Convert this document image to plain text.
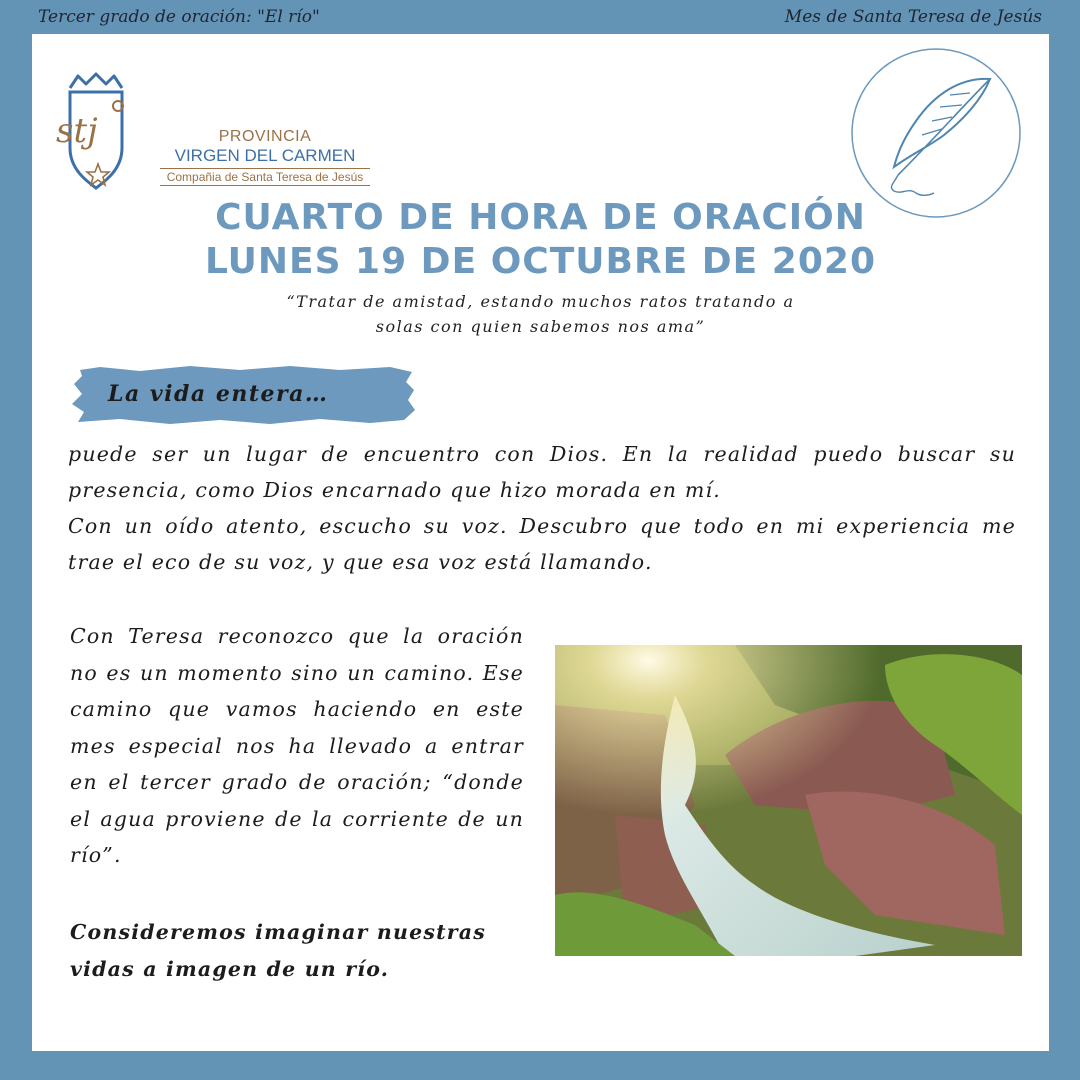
Tercer grado de oración: "El río"	Mes de Santa Teresa de Jesús
stj	PROVINCIA
VIRGEN DEL CARMEN
Compañia de Santa Teresa de Jesús
CUARTO DE HORA DE ORACIÓN
LUNES 19 DE OCTUBRE DE 2020
“Tratar de amistad, estando muchos ratos tratando a
solas con quien sabemos nos ama”
La vida entera…

puede ser un lugar de encuentro con Dios. En la realidad puedo buscar su presencia, como Dios encarnado que hizo morada en mí.

Con un oído atento, escucho su voz. Descubro que todo en mi experiencia me trae el eco de su voz, y que esa voz está llamando.

Con Teresa reconozco que la oración no es un momento sino un camino. Ese camino que vamos haciendo en este mes especial nos ha llevado a entrar en el tercer grado de oración; “donde el agua proviene de la corriente de un río”.
Consideremos imaginar nuestras vidas a imagen de un río.
